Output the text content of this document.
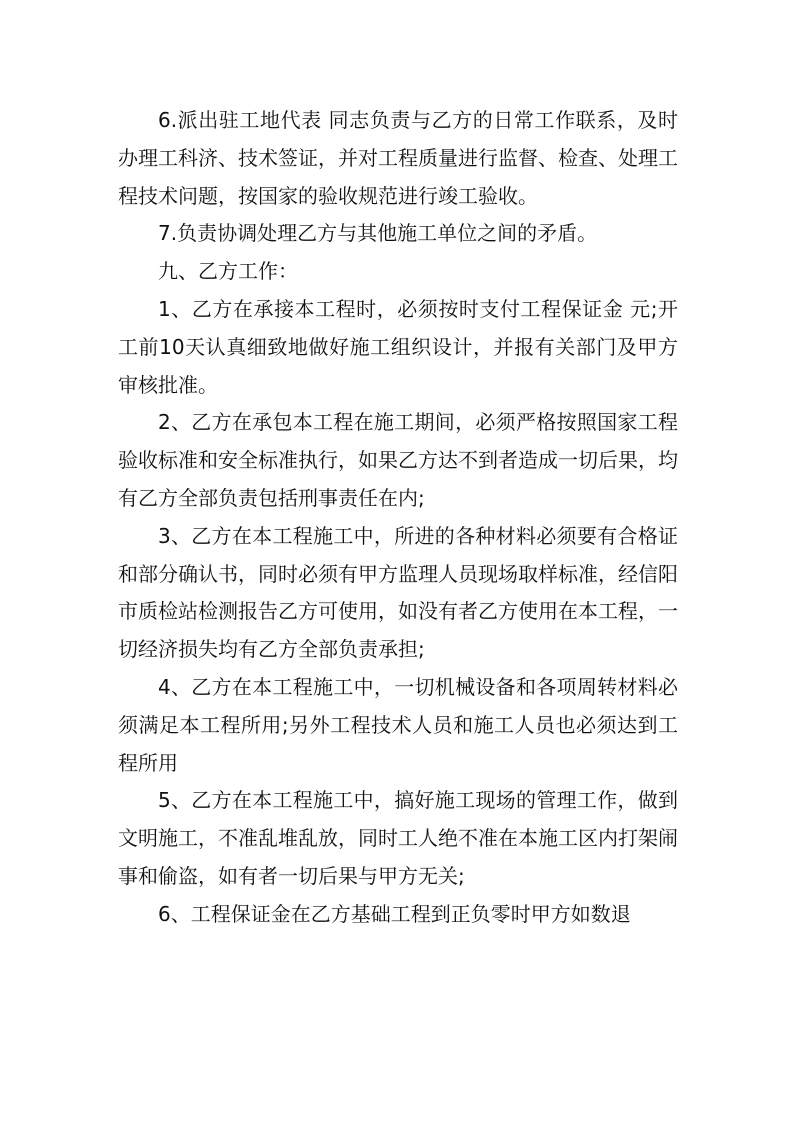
6.派出驻工地代表 同志负责与乙方的日常工作联系，及时办理工科济、技术签证，并对工程质量进行监督、检查、处理工程技术问题，按国家的验收规范进行竣工验收。

7.负责协调处理乙方与其他施工单位之间的矛盾。

九、乙方工作：

1、乙方在承接本工程时，必须按时支付工程保证金 元;开工前10天认真细致地做好施工组织设计，并报有关部门及甲方审核批准。

2、乙方在承包本工程在施工期间，必须严格按照国家工程验收标准和安全标准执行，如果乙方达不到者造成一切后果，均有乙方全部负责包括刑事责任在内;

3、乙方在本工程施工中，所进的各种材料必须要有合格证和部分确认书，同时必须有甲方监理人员现场取样标准，经信阳市质检站检测报告乙方可使用，如没有者乙方使用在本工程，一切经济损失均有乙方全部负责承担;

4、乙方在本工程施工中，一切机械设备和各项周转材料必须满足本工程所用;另外工程技术人员和施工人员也必须达到工程所用

5、乙方在本工程施工中，搞好施工现场的管理工作，做到文明施工，不准乱堆乱放，同时工人绝不准在本施工区内打架闹事和偷盗，如有者一切后果与甲方无关;

6、工程保证金在乙方基础工程到正负零时甲方如数退
